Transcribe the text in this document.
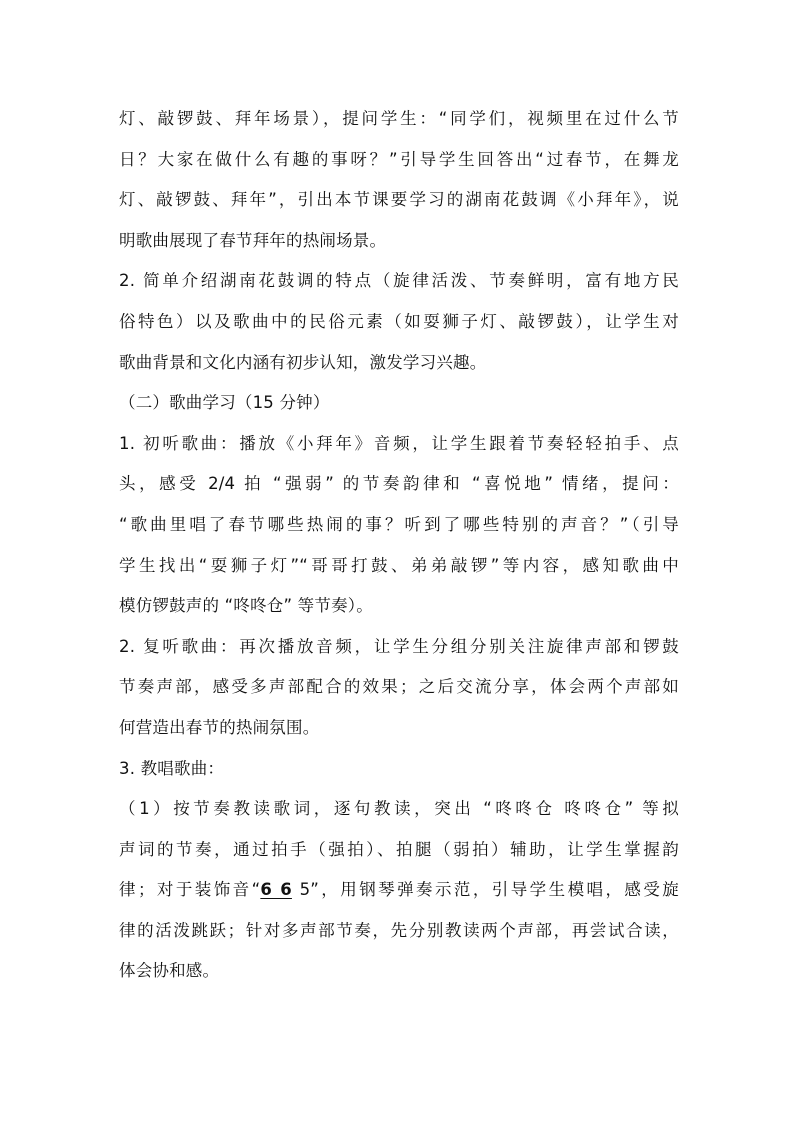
灯、敲锣鼓、拜年场景），提问学生：“同学们，视频里在过什么节
日？大家在做什么有趣的事呀？”引导学生回答出“过春节，在舞龙
灯、敲锣鼓、拜年”，引出本节课要学习的湖南花鼓调《小拜年》，说
明歌曲展现了春节拜年的热闹场景。
2. 简单介绍湖南花鼓调的特点（旋律活泼、节奏鲜明，富有地方民
俗特色）以及歌曲中的民俗元素（如耍狮子灯、敲锣鼓），让学生对
歌曲背景和文化内涵有初步认知，激发学习兴趣。
（二）歌曲学习（15 分钟）
1. 初听歌曲：播放《小拜年》音频，让学生跟着节奏轻轻拍手、点
头，感受 2/4 拍 “强弱” 的节奏韵律和 “喜悦地” 情绪，提问：
“歌曲里唱了春节哪些热闹的事？听到了哪些特别的声音？”（引导
学生找出“耍狮子灯”“哥哥打鼓、弟弟敲锣”等内容，感知歌曲中
模仿锣鼓声的 “咚咚仓” 等节奏）。
2. 复听歌曲：再次播放音频，让学生分组分别关注旋律声部和锣鼓
节奏声部，感受多声部配合的效果；之后交流分享，体会两个声部如
何营造出春节的热闹氛围。
3. 教唱歌曲：
（1）按节奏教读歌词，逐句教读，突出 “咚咚仓 咚咚仓” 等拟
声词的节奏，通过拍手（强拍）、拍腿（弱拍）辅助，让学生掌握韵
律；对于装饰音“6 6 5”，用钢琴弹奏示范，引导学生模唱，感受旋
律的活泼跳跃；针对多声部节奏，先分别教读两个声部，再尝试合读，
体会协和感。
